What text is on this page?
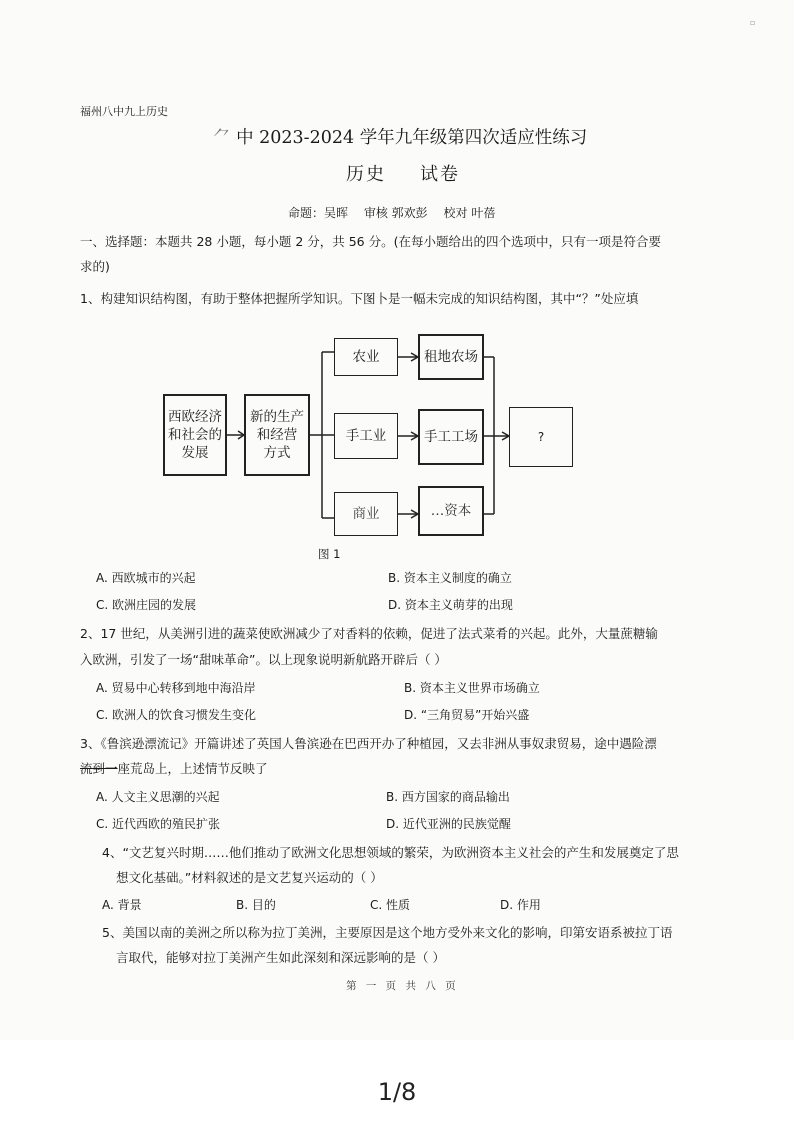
▫
福州八中九上历史
⺈ 中 2023-2024 学年九年级第四次适应性练习
历史 试卷
命题：吴晖 审核 郭欢彭 校对 叶蓓
一、选择题：本题共 28 小题，每小题 2 分，共 56 分。(在每小题给出的四个选项中，只有一项是符合要
求的)
1、构建知识结构图，有助于整体把握所学知识。下图卜是一幅未完成的知识结构图，其中“？”处应填
西欧经济
和社会的
发展
新的生产
和经营
方式
农业
手工业
商业
租地农场
手工工场
…资本
?
图 1
A. 西欧城市的兴起	B. 资本主义制度的确立
C. 欧洲庄园的发展	D. 资本主义萌芽的出现
2、17 世纪，从美洲引进的蔬菜使欧洲减少了对香料的依赖，促进了法式菜肴的兴起。此外，大量蔗糖输
入欧洲，引发了一场“甜味革命”。以上现象说明新航路开辟后（ ）
A. 贸易中心转移到地中海沿岸	B. 资本主义世界市场确立
C. 欧洲人的饮食习惯发生变化	D. “三角贸易”开始兴盛
3、《鲁滨逊漂流记》开篇讲述了英国人鲁滨逊在巴西开办了种植园，又去非洲从事奴隶贸易，途中遇险漂
流到一座荒岛上，上述情节反映了
A. 人文主义思潮的兴起	B. 西方国家的商品输出
C. 近代西欧的殖民扩张	D. 近代亚洲的民族觉醒
4、“文艺复兴时期……他们推动了欧洲文化思想领域的繁荣，为欧洲资本主义社会的产生和发展奠定了思
想文化基础。”材料叙述的是文艺复兴运动的（ ）
A. 背景	B. 目的	C. 性质	D. 作用
5、美国以南的美洲之所以称为拉丁美洲，主要原因是这个地方受外来文化的影响，印第安语系被拉丁语
言取代，能够对拉丁美洲产生如此深刻和深远影响的是（ ）
第 一 页 共 八 页
1/8
